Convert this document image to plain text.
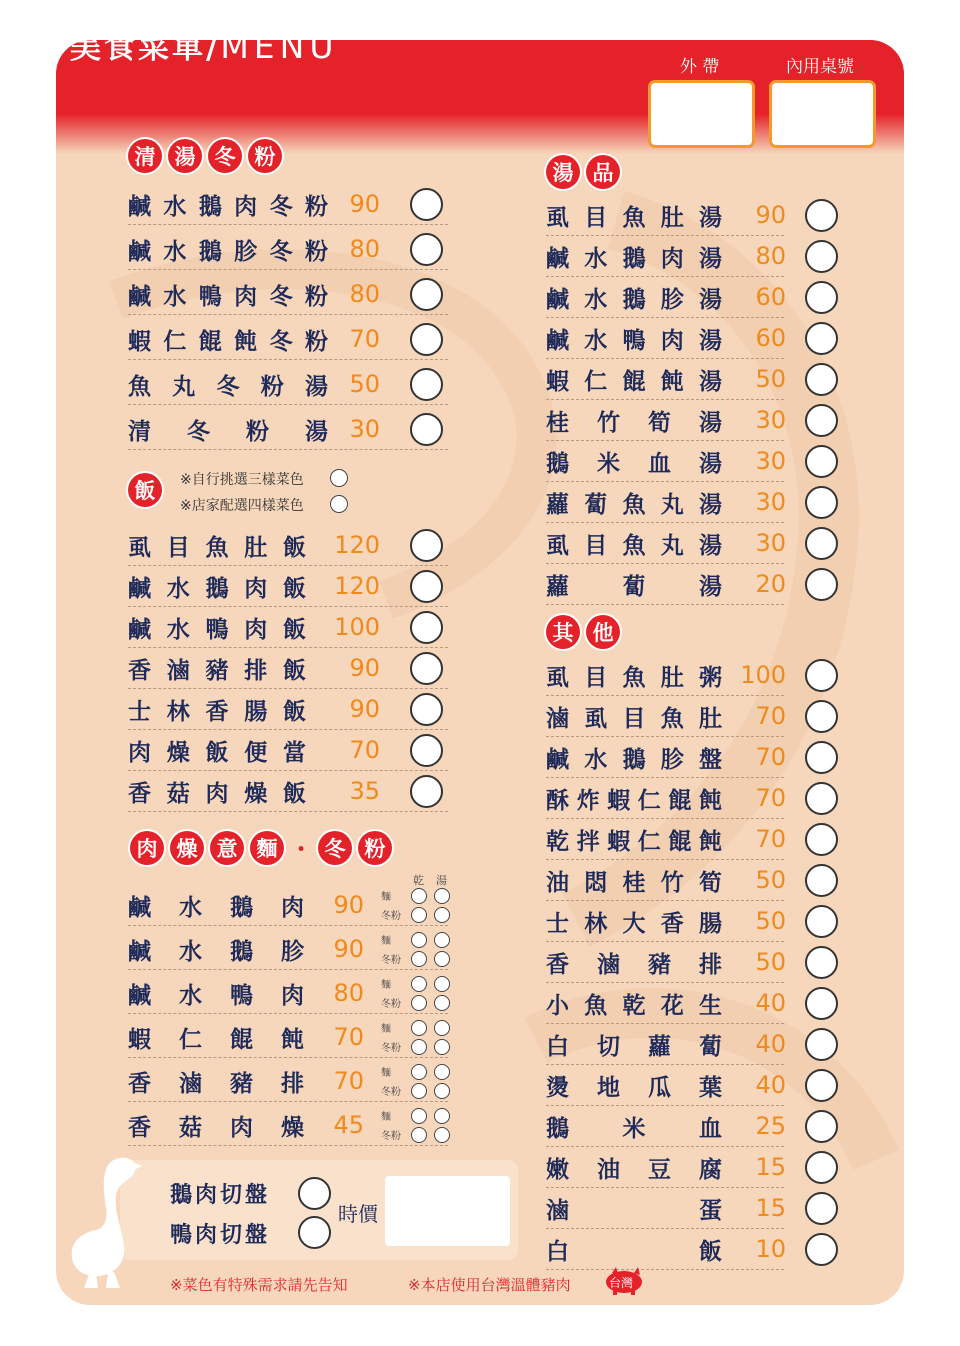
美食菜單/MENU
外 帶	內用桌號
清 湯 冬 粉
飯	※自行挑選三樣菜色
※店家配選四樣菜色
肉 燥 意 麵 ・ 冬 粉
乾 湯
湯 品
其 他
鹹 水 鵝 肉 冬 粉 90
鹹 水 鵝 胗 冬 粉 80
鹹 水 鴨 肉 冬 粉 80
蝦 仁 餛 飩 冬 粉 70
魚 丸 冬 粉 湯 50
清 冬 粉 湯 30
虱 目 魚 肚 飯	120
鹹 水 鵝 肉 飯	120
鹹 水 鴨 肉 飯	100
香 滷 豬 排 飯	90
士 林 香 腸 飯	90
肉 燥 飯 便 當	70
香 菇 肉 燥 飯	35
鹹 水 鵝 肉	90 麵
冬粉
鹹 水 鵝 胗	90 麵
冬粉
鹹 水 鴨 肉	80 麵
冬粉
蝦 仁 餛 飩	70 麵
冬粉
香 滷 豬 排	70 麵
冬粉
香 菇 肉 燥	45 麵
冬粉
虱 目 魚 肚 湯	90
鹹 水 鵝 肉 湯	80
鹹 水 鵝 胗 湯	60
鹹 水 鴨 肉 湯	60
蝦 仁 餛 飩 湯	50
桂 竹 筍 湯	30
鵝 米 血 湯	30
蘿 蔔 魚 丸 湯	30
虱 目 魚 丸 湯	30
蘿 蔔 湯	20
虱 目 魚 肚 粥 100
滷 虱 目 魚 肚	70
鹹 水 鵝 胗 盤	70
酥 炸 蝦 仁 餛 飩	70
乾 拌 蝦 仁 餛 飩	70
油 悶 桂 竹 筍	50
士 林 大 香 腸	50
香 滷 豬 排	50
小 魚 乾 花 生	40
白 切 蘿 蔔	40
燙 地 瓜 葉	40
鵝 米 血	25
嫩 油 豆 腐	15
滷	蛋	15
白	飯	10
鵝肉切盤
鴨肉切盤
時價
※菜色有特殊需求請先告知	※本店使用台灣溫體豬肉	台灣
